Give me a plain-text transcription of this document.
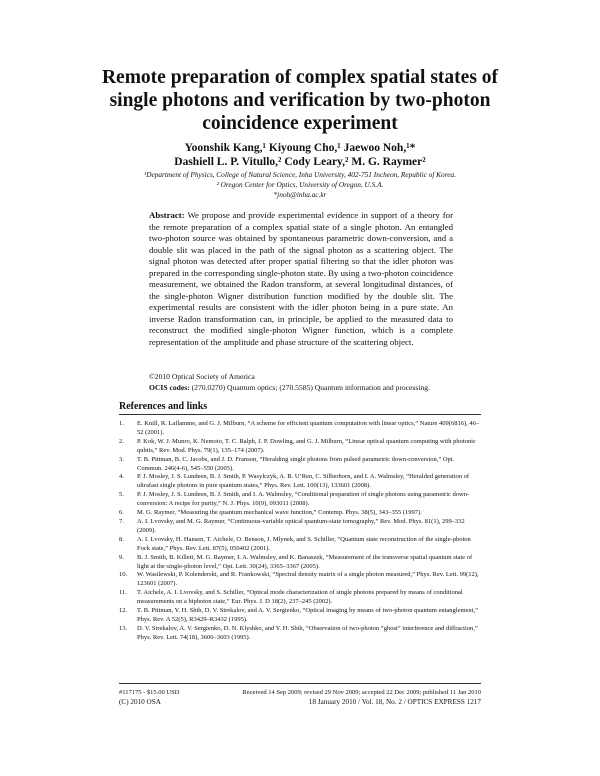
Remote preparation of complex spatial states of single photons and verification by two-photon coincidence experiment
Yoonshik Kang,¹ Kiyoung Cho,¹ Jaewoo Noh,¹*
Dashiell L. P. Vitullo,² Cody Leary,² M. G. Raymer²
¹Department of Physics, College of Natural Science, Inha University, 402-751 Incheon, Republic of Korea.
² Oregon Center for Optics, University of Oregon, U.S.A.
*jnoh@inha.ac.kr
Abstract: We propose and provide experimental evidence in support of a theory for the remote preparation of a complex spatial state of a single photon. An entangled two-photon source was obtained by spontaneous parametric down-conversion, and a double slit was placed in the path of the signal photon as a scattering object. The signal photon was detected after proper spatial filtering so that the idler photon was prepared in the corresponding single-photon state. By using a two-photon coincidence measurement, we obtained the Radon transform, at several longitudinal distances, of the single-photon Wigner distribution function modified by the double slit. The experimental results are consistent with the idler photon being in a pure state. An inverse Radon transformation can, in principle, be applied to the measured data to reconstruct the modified single-photon Wigner function, which is a complete representation of the amplitude and phase structure of the scattering object.
©2010 Optical Society of America
OCIS codes: (270.0270) Quantum optics; (270.5585) Quantum information and processing.
References and links
1.	E. Knill, R. Laflamme, and G. J. Milburn, “A scheme for efficient quantum computation with linear optics,” Nature 409(6816), 46–52 (2001).
2.	P. Kok, W. J. Munro, K. Nemoto, T. C. Ralph, J. P. Dowling, and G. J. Milburn, “Linear optical quantum computing with photonic qubits,” Rev. Mod. Phys. 79(1), 135–174 (2007).
3.	T. B. Pittman, B. C. Jacobs, and J. D. Franson, “Heralding single photons from pulsed parametric down-conversion,” Opt. Commun. 246(4-6), 545–550 (2005).
4.	P. J. Mosley, J. S. Lundeen, B. J. Smith, P. Wasylczyk, A. B. U’Ren, C. Silberhorn, and I. A. Walmsley, “Heralded generation of ultrafast single photons in pure quantum states,” Phys. Rev. Lett. 100(13), 133601 (2008).
5.	P. J. Mosley, J. S. Lundeen, B. J. Smith, and I. A. Walmsley, “Conditional preparation of single photons using parametric down-conversion: A recipe for purity,” N. J. Phys. 10(9), 093011 (2008).
6.	M. G. Raymer, “Measuring the quantum mechanical wave function,” Contemp. Phys. 38(5), 343–355 (1997).
7.	A. I. Lvovsky, and M. G. Raymer, “Continuous-variable optical quantum-state tomography,” Rev. Mod. Phys. 81(1), 299–332 (2009).
8.	A. I. Lvovsky, H. Hansen, T. Aichele, O. Benson, J. Mlynek, and S. Schiller, “Quantum state reconstruction of the single-photon Fock state,” Phys. Rev. Lett. 87(5), 050402 (2001).
9.	B. J. Smith, B. Killett, M. G. Raymer, I. A. Walmsley, and K. Banaszek, “Measurement of the transverse spatial quantum state of light at the single-photon level,” Opt. Lett. 30(24), 3365–3367 (2005).
10.	W. Wasilewski, P. Kolenderski, and R. Frankowski, “Spectral density matrix of a single photon measured,” Phys. Rev. Lett. 99(12), 123601 (2007).
11.	T. Aichele, A. I. Lvovsky, and S. Schiller, “Optical mode characterization of single photons prepared by means of conditional measurements on a biphoton state,” Eur. Phys. J. D 18(2), 237–245 (2002).
12.	T. B. Pittman, Y. H. Shih, D. V. Strekalov, and A. V. Sergienko, “Optical imaging by means of two-photon quantum entanglement,” Phys. Rev. A 52(5), R3429–R3432 (1995).
13.	D. V. Strekalov, A. V. Sergienko, D. N. Klyshko, and Y. H. Shih, “Observation of two-photon “ghost” interference and diffraction,” Phys. Rev. Lett. 74(18), 3600–3603 (1995).
#117175 - $15.00 USD	Received 14 Sep 2009; revised 29 Nov 2009; accepted 22 Dec 2009; published 11 Jan 2010
(C) 2010 OSA	18 January 2010 / Vol. 18, No. 2 / OPTICS EXPRESS 1217
